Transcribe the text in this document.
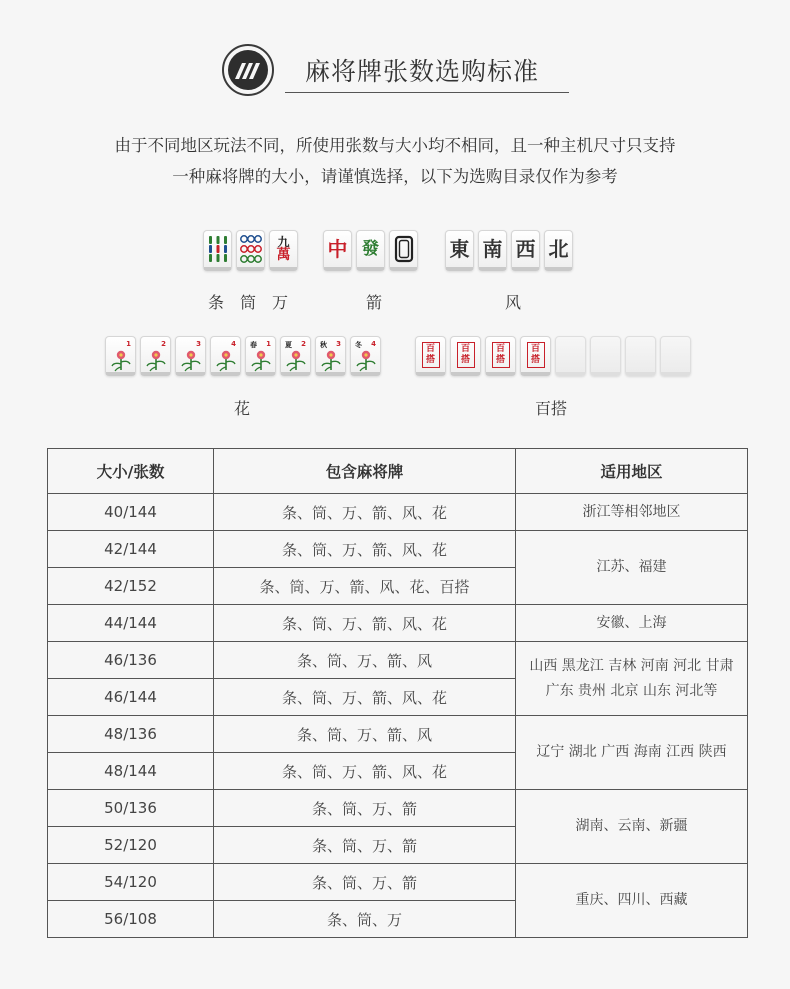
麻将牌张数选购标准

由于不同地区玩法不同，所使用张数与大小均不相同，且一种主机尺寸只支持

一种麻将牌的大小，请谨慎选择，以下为选购目录仅作为参考

九
萬 中 發	東 南 西 北
条　筒　万	箭	风
1	2	3	4	1
春	2
夏	3
秋	4
冬	百
搭
百
搭
百
搭
百
搭
花	百搭
大小/张数	包含麻将牌	适用地区
40/144	条、筒、万、箭、风、花	浙江等相邻地区
42/144	条、筒、万、箭、风、花	江苏、福建
42/152	条、筒、万、箭、风、花、百搭	
44/144	条、筒、万、箭、风、花	安徽、上海
46/136	条、筒、万、箭、风	山西 黑龙江 吉林 河南 河北 甘肃
广东 贵州 北京 山东 河北等

46/144	条、筒、万、箭、风、花	
48/136	条、筒、万、箭、风	辽宁 湖北 广西 海南 江西 陕西
48/144	条、筒、万、箭、风、花	
50/136	条、筒、万、箭	湖南、云南、新疆
52/120	条、筒、万、箭	
54/120	条、筒、万、箭	重庆、四川、西藏
56/108	条、筒、万	
